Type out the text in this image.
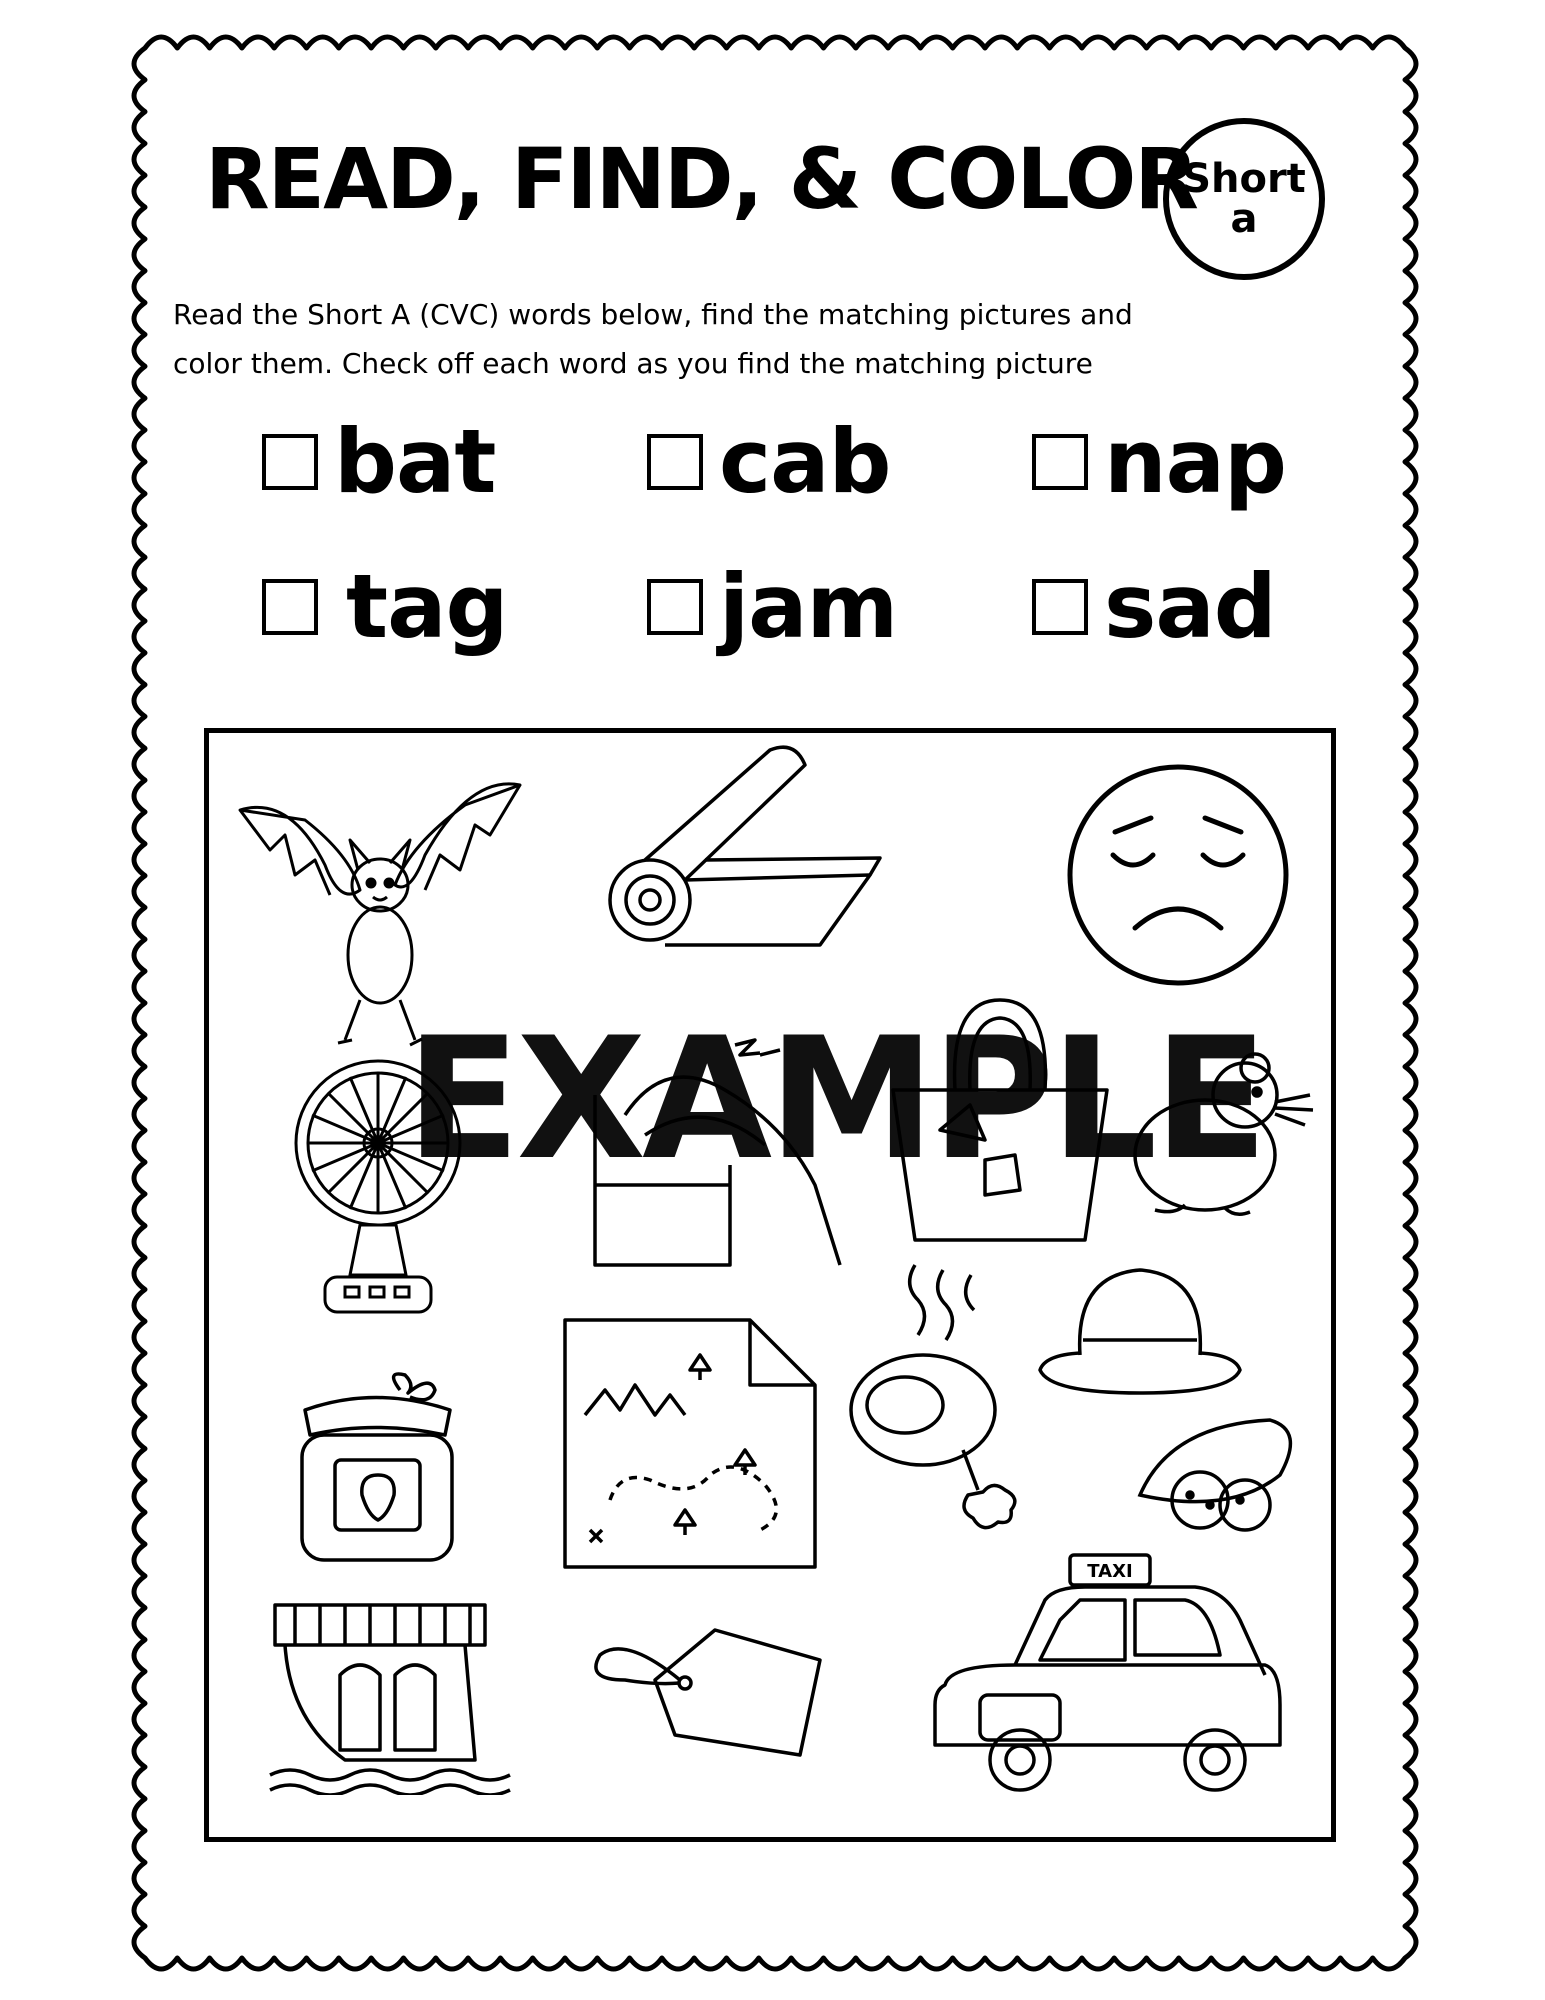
READ, FIND, & COLOR
Short
a
Read the Short A (CVC) words below, find the matching pictures and
color them. Check off each word as you find the matching picture
bat	cab nap
tag jam sad
TAXI
EXAMPLE
